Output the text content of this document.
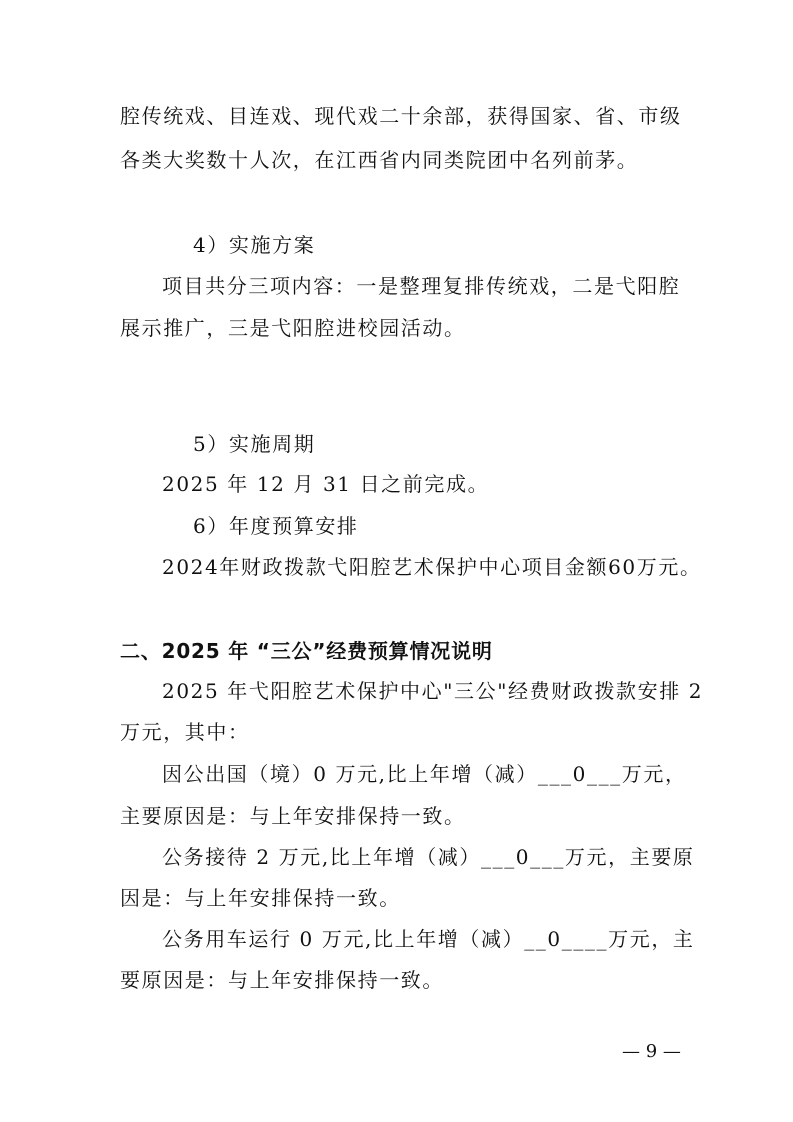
腔传统戏、目连戏、现代戏二十余部，获得国家、省、市级
各类大奖数十人次，在江西省内同类院团中名列前茅。
4）实施方案
项目共分三项内容：一是整理复排传统戏，二是弋阳腔
展示推广，三是弋阳腔进校园活动。
5）实施周期
2025 年 12 月 31 日之前完成。
6）年度预算安排
2024年财政拨款弋阳腔艺术保护中心项目金额60万元。
二、2025 年 “三公”经费预算情况说明
2025 年弋阳腔艺术保护中心"三公"经费财政拨款安排 2
万元，其中：
因公出国（境）0 万元,比上年增（减）___0___万元，
主要原因是：与上年安排保持一致。
公务接待 2 万元,比上年增（减）___0___万元，主要原
因是：与上年安排保持一致。
公务用车运行 0 万元,比上年增（减）__0____万元，主
要原因是：与上年安排保持一致。
— 9 —
